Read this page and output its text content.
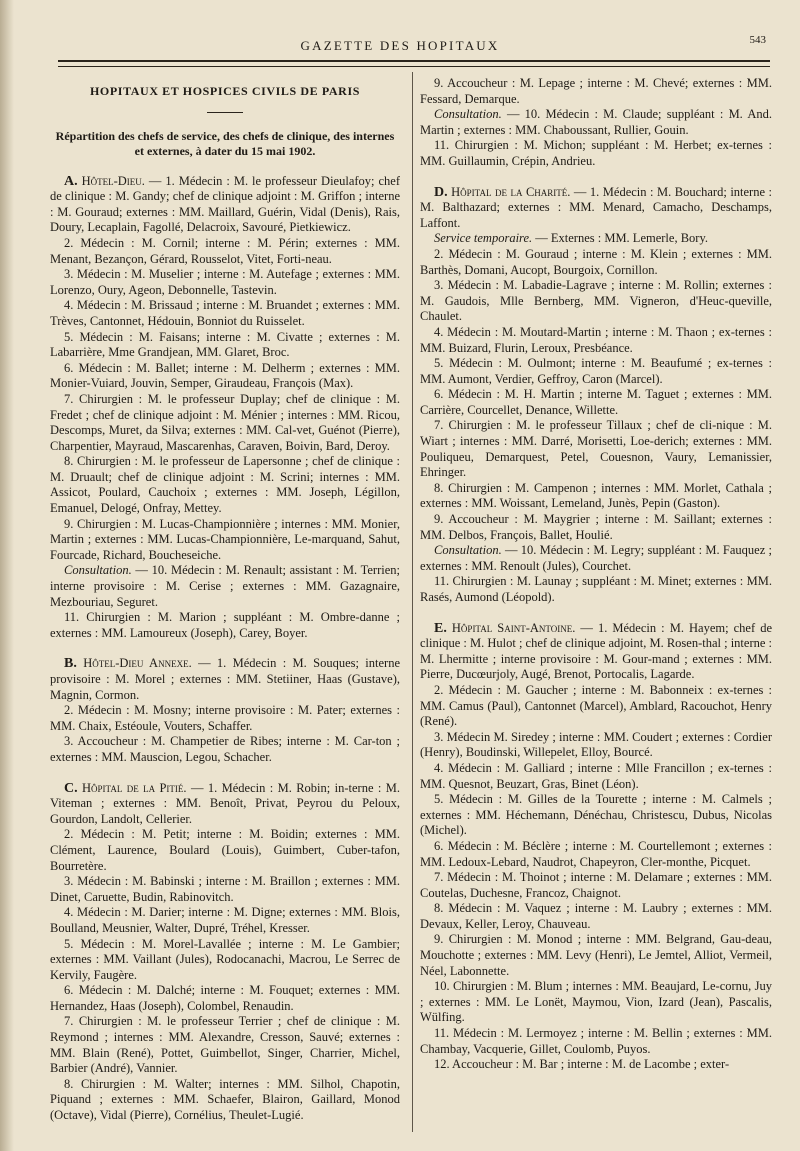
GAZETTE DES HOPITAUX	543
HOPITAUX ET HOSPICES CIVILS DE PARIS
Répartition des chefs de service, des chefs de clinique, des internes et externes, à dater du 15 mai 1902.

A. Hôtel-Dieu. — 1. Médecin : M. le professeur Dieulafoy; chef de clinique : M. Gandy; chef de clinique adjoint : M. Griffon ; interne : M. Gouraud; externes : MM. Maillard, Guérin, Vidal (Denis), Rais, Doury, Lecaplain, Fagollé, Delacroix, Savouré, Pietkiewicz.

2. Médecin : M. Cornil; interne : M. Périn; externes : MM. Menant, Bezançon, Gérard, Rousselot, Vitet, Forti-neau.

3. Médecin : M. Muselier ; interne : M. Autefage ; externes : MM. Lorenzo, Oury, Ageon, Debonnelle, Tastevin.

4. Médecin : M. Brissaud ; interne : M. Bruandet ; externes : MM. Trèves, Cantonnet, Hédouin, Bonniot du Ruisselet.

5. Médecin : M. Faisans; interne : M. Civatte ; externes : M. Labarrière, Mme Grandjean, MM. Glaret, Broc.

6. Médecin : M. Ballet; interne : M. Delherm ; externes : MM. Monier-Vuiard, Jouvin, Semper, Giraudeau, François (Max).

7. Chirurgien : M. le professeur Duplay; chef de clinique : M. Fredet ; chef de clinique adjoint : M. Ménier ; internes : MM. Ricou, Descomps, Muret, da Silva; externes : MM. Cal-vet, Guénot (Pierre), Charpentier, Mayraud, Mascarenhas, Caraven, Boivin, Bard, Deroy.

8. Chirurgien : M. le professeur de Lapersonne ; chef de clinique : M. Druault; chef de clinique adjoint : M. Scrini; internes : MM. Assicot, Poulard, Cauchoix ; externes : MM. Joseph, Légillon, Emanuel, Delogé, Onfray, Mettey.

9. Chirurgien : M. Lucas-Championnière ; internes : MM. Monier, Martin ; externes : MM. Lucas-Championnière, Le-marquand, Sahut, Fourcade, Richard, Boucheseiche.

Consultation. — 10. Médecin : M. Renault; assistant : M. Terrien; interne provisoire : M. Cerise ; externes : MM. Gazagnaire, Mezbouriau, Seguret.

11. Chirurgien : M. Marion ; suppléant : M. Ombre-danne ; externes : MM. Lamoureux (Joseph), Carey, Boyer.

B. Hôtel-Dieu Annexe. — 1. Médecin : M. Souques; interne provisoire : M. Morel ; externes : MM. Stetiiner, Haas (Gustave), Magnin, Cormon.

2. Médecin : M. Mosny; interne provisoire : M. Pater; externes : MM. Chaix, Estéoule, Vouters, Schaffer.

3. Accoucheur : M. Champetier de Ribes; interne : M. Car-ton ; externes : MM. Mauscion, Legou, Schacher.

C. Hôpital de la Pitié. — 1. Médecin : M. Robin; in-terne : M. Viteman ; externes : MM. Benoît, Privat, Peyrou du Peloux, Gourdon, Landolt, Cellerier.

2. Médecin : M. Petit; interne : M. Boidin; externes : MM. Clément, Laurence, Boulard (Louis), Guimbert, Cuber-tafon, Bourretère.

3. Médecin : M. Babinski ; interne : M. Braillon ; externes : MM. Dinet, Caruette, Budin, Rabinovitch.

4. Médecin : M. Darier; interne : M. Digne; externes : MM. Blois, Boulland, Meusnier, Walter, Dupré, Tréhel, Kresser.

5. Médecin : M. Morel-Lavallée ; interne : M. Le Gambier; externes : MM. Vaillant (Jules), Rodocanachi, Macrou, Le Serrec de Kervily, Faugère.

6. Médecin : M. Dalché; interne : M. Fouquet; externes : MM. Hernandez, Haas (Joseph), Colombel, Renaudin.

7. Chirurgien : M. le professeur Terrier ; chef de clinique : M. Reymond ; internes : MM. Alexandre, Cresson, Sauvé; externes : MM. Blain (René), Pottet, Guimbellot, Singer, Charrier, Michel, Barbier (André), Vannier.

8. Chirurgien : M. Walter; internes : MM. Silhol, Chapotin, Piquand ; externes : MM. Schaefer, Blairon, Gaillard, Monod (Octave), Vidal (Pierre), Cornélius, Theulet-Lugié.

9. Accoucheur : M. Lepage ; interne : M. Chevé; externes : MM. Fessard, Demarque.

Consultation. — 10. Médecin : M. Claude; suppléant : M. And. Martin ; externes : MM. Chaboussant, Rullier, Gouin.

11. Chirurgien : M. Michon; suppléant : M. Herbet; ex-ternes : MM. Guillaumin, Crépin, Andrieu.

D. Hôpital de la Charité. — 1. Médecin : M. Bouchard; interne : M. Balthazard; externes : MM. Menard, Camacho, Deschamps, Laffont.

Service temporaire. — Externes : MM. Lemerle, Bory.

2. Médecin : M. Gouraud ; interne : M. Klein ; externes : MM. Barthès, Domani, Aucopt, Bourgoix, Cornillon.

3. Médecin : M. Labadie-Lagrave ; interne : M. Rollin; externes : M. Gaudois, Mlle Bernberg, MM. Vigneron, d'Heuc-queville, Chaulet.

4. Médecin : M. Moutard-Martin ; interne : M. Thaon ; ex-ternes : MM. Buizard, Flurin, Leroux, Presbéance.

5. Médecin : M. Oulmont; interne : M. Beaufumé ; ex-ternes : MM. Aumont, Verdier, Geffroy, Caron (Marcel).

6. Médecin : M. H. Martin ; interne M. Taguet ; externes : MM. Carrière, Courcellet, Denance, Willette.

7. Chirurgien : M. le professeur Tillaux ; chef de cli-nique : M. Wiart ; internes : MM. Darré, Morisetti, Loe-derich; externes : MM. Pouliqueu, Demarquest, Petel, Couesnon, Vaury, Lemanissier, Ehringer.

8. Chirurgien : M. Campenon ; internes : MM. Morlet, Cathala ; externes : MM. Woissant, Lemeland, Junès, Pepin (Gaston).

9. Accoucheur : M. Maygrier ; interne : M. Saillant; externes : MM. Delbos, François, Ballet, Houlié.

Consultation. — 10. Médecin : M. Legry; suppléant : M. Fauquez ; externes : MM. Renoult (Jules), Courchet.

11. Chirurgien : M. Launay ; suppléant : M. Minet; externes : MM. Rasés, Aumond (Léopold).

E. Hôpital Saint-Antoine. — 1. Médecin : M. Hayem; chef de clinique : M. Hulot ; chef de clinique adjoint, M. Rosen-thal ; interne : M. Lhermitte ; interne provisoire : M. Gour-mand ; externes : MM. Pierre, Ducœurjoly, Augé, Brenot, Portocalis, Lagarde.

2. Médecin : M. Gaucher ; interne : M. Babonneix : ex-ternes : MM. Camus (Paul), Cantonnet (Marcel), Amblard, Racouchot, Henry (René).

3. Médecin M. Siredey ; interne : MM. Coudert ; externes : Cordier (Henry), Boudinski, Willepelet, Elloy, Bourcé.

4. Médecin : M. Galliard ; interne : Mlle Francillon ; ex-ternes : MM. Quesnot, Beuzart, Gras, Binet (Léon).

5. Médecin : M. Gilles de la Tourette ; interne : M. Calmels ; externes : MM. Héchemann, Dénéchau, Christescu, Dubus, Nicolas (Michel).

6. Médecin : M. Béclère ; interne : M. Courtellemont ; externes : MM. Ledoux-Lebard, Naudrot, Chapeyron, Cler-monthe, Picquet.

7. Médecin : M. Thoinot ; interne : M. Delamare ; externes : MM. Coutelas, Duchesne, Francoz, Chaignot.

8. Médecin : M. Vaquez ; interne : M. Laubry ; externes : MM. Devaux, Keller, Leroy, Chauveau.

9. Chirurgien : M. Monod ; interne : MM. Belgrand, Gau-deau, Mouchotte ; externes : MM. Levy (Henri), Le Jemtel, Alliot, Vermeil, Néel, Labonnette.

10. Chirurgien : M. Blum ; internes : MM. Beaujard, Le-cornu, Juy ; externes : MM. Le Lonët, Maymou, Vion, Izard (Jean), Pascalis, Wülfing.

11. Médecin : M. Lermoyez ; interne : M. Bellin ; externes : MM. Chambay, Vacquerie, Gillet, Coulomb, Puyos.

12. Accoucheur : M. Bar ; interne : M. de Lacombe ; exter-
